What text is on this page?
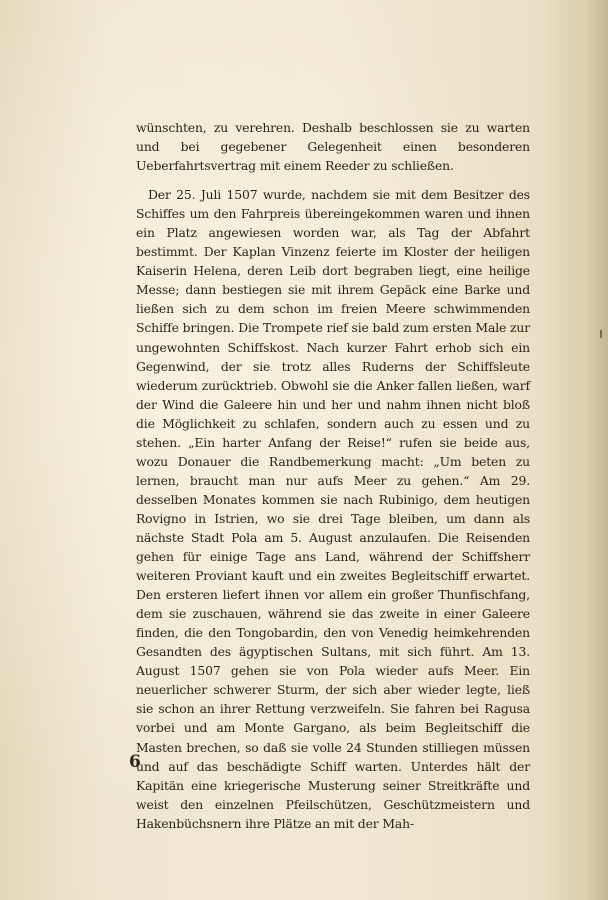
wünschten, zu verehren. Deshalb beschlossen sie zu warten und bei gegebener Gelegenheit einen besonderen Ueberfahrtsvertrag mit einem Reeder zu schließen.

Der 25. Juli 1507 wurde, nachdem sie mit dem Besitzer des Schiffes um den Fahrpreis übereingekommen waren und ihnen ein Platz angewiesen worden war, als Tag der Abfahrt bestimmt. Der Kaplan Vinzenz feierte im Kloster der heiligen Kaiserin Helena, deren Leib dort begraben liegt, eine heilige Messe; dann bestiegen sie mit ihrem Gepäck eine Barke und ließen sich zu dem schon im freien Meere schwimmenden Schiffe bringen. Die Trompete rief sie bald zum ersten Male zur ungewohnten Schiffskost. Nach kurzer Fahrt erhob sich ein Gegenwind, der sie trotz alles Ruderns der Schiffsleute wiederum zurücktrieb. Obwohl sie die Anker fallen ließen, warf der Wind die Galeere hin und her und nahm ihnen nicht bloß die Möglichkeit zu schlafen, sondern auch zu essen und zu stehen. „Ein harter Anfang der Reise!“ rufen sie beide aus, wozu Donauer die Randbemerkung macht: „Um beten zu lernen, braucht man nur aufs Meer zu gehen.“ Am 29. desselben Monates kommen sie nach Rubinigo, dem heutigen Rovigno in Istrien, wo sie drei Tage bleiben, um dann als nächste Stadt Pola am 5. August anzulaufen. Die Reisenden gehen für einige Tage ans Land, während der Schiffsherr weiteren Proviant kauft und ein zweites Begleitschiff erwartet. Den ersteren liefert ihnen vor allem ein großer Thunfischfang, dem sie zuschauen, während sie das zweite in einer Galeere finden, die den Tongobardin, den von Venedig heimkehrenden Gesandten des ägyptischen Sultans, mit sich führt. Am 13. August 1507 gehen sie von Pola wieder aufs Meer. Ein neuerlicher schwerer Sturm, der sich aber wieder legte, ließ sie schon an ihrer Rettung verzweifeln. Sie fahren bei Ragusa vorbei und am Monte Gargano, als beim Begleitschiff die Masten brechen, so daß sie volle 24 Stunden stilliegen müssen und auf das beschädigte Schiff warten. Unterdes hält der Kapitän eine kriegerische Musterung seiner Streitkräfte und weist den einzelnen Pfeilschützen, Geschützmeistern und Hakenbüchsnern ihre Plätze an mit der Mah-

6
